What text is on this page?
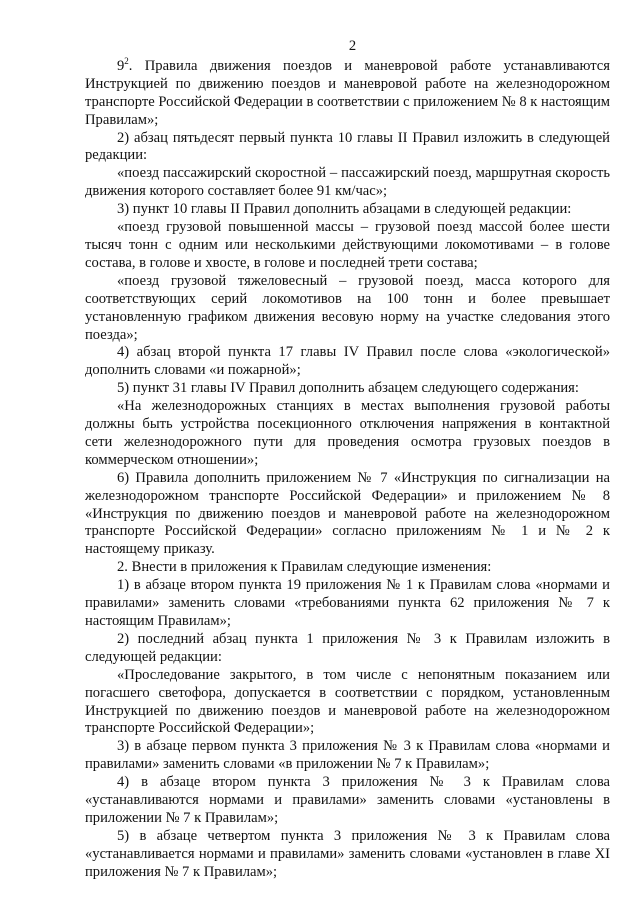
2

$9^2$. Правила движения поездов и маневровой работе устанавливаются Инструкцией по движению поездов и маневровой работе на железнодорожном транспорте Российской Федерации в соответствии с приложением № 8 к настоящим Правилам»;

2) абзац пятьдесят первый пункта 10 главы II Правил изложить в следующей редакции:

«поезд пассажирский скоростной – пассажирский поезд, маршрутная скорость движения которого составляет более 91 км/час»;

3) пункт 10 главы II Правил дополнить абзацами в следующей редакции:

«поезд грузовой повышенной массы – грузовой поезд массой более шести тысяч тонн с одним или несколькими действующими локомотивами – в голове состава, в голове и хвосте, в голове и последней трети состава;

«поезд грузовой тяжеловесный – грузовой поезд, масса которого для соответствующих серий локомотивов на 100 тонн и более превышает установленную графиком движения весовую норму на участке следования этого поезда»;

4) абзац второй пункта 17 главы IV Правил после слова «экологической» дополнить словами «и пожарной»;

5) пункт 31 главы IV Правил дополнить абзацем следующего содержания:

«На железнодорожных станциях в местах выполнения грузовой работы должны быть устройства посекционного отключения напряжения в контактной сети железнодорожного пути для проведения осмотра грузовых поездов в коммерческом отношении»;

6) Правила дополнить приложением № 7 «Инструкция по сигнализации на железнодорожном транспорте Российской Федерации» и приложением № 8 «Инструкция по движению поездов и маневровой работе на железнодорожном транспорте Российской Федерации» согласно приложениям № 1 и № 2 к настоящему приказу.

2. Внести в приложения к Правилам следующие изменения:

1) в абзаце втором пункта 19 приложения № 1 к Правилам слова «нормами и правилами» заменить словами «требованиями пункта 62 приложения № 7 к настоящим Правилам»;

2) последний абзац пункта 1 приложения № 3 к Правилам изложить в следующей редакции:

«Проследование закрытого, в том числе с непонятным показанием или погасшего светофора, допускается в соответствии с порядком, установленным Инструкцией по движению поездов и маневровой работе на железнодорожном транспорте Российской Федерации»;

3) в абзаце первом пункта 3 приложения № 3 к Правилам слова «нормами и правилами» заменить словами «в приложении № 7 к Правилам»;

4) в абзаце втором пункта 3 приложения № 3 к Правилам слова «устанавливаются нормами и правилами» заменить словами «установлены в приложении № 7 к Правилам»;

5) в абзаце четвертом пункта 3 приложения № 3 к Правилам слова «устанавливается нормами и правилами» заменить словами «установлен в главе XI приложения № 7 к Правилам»;
